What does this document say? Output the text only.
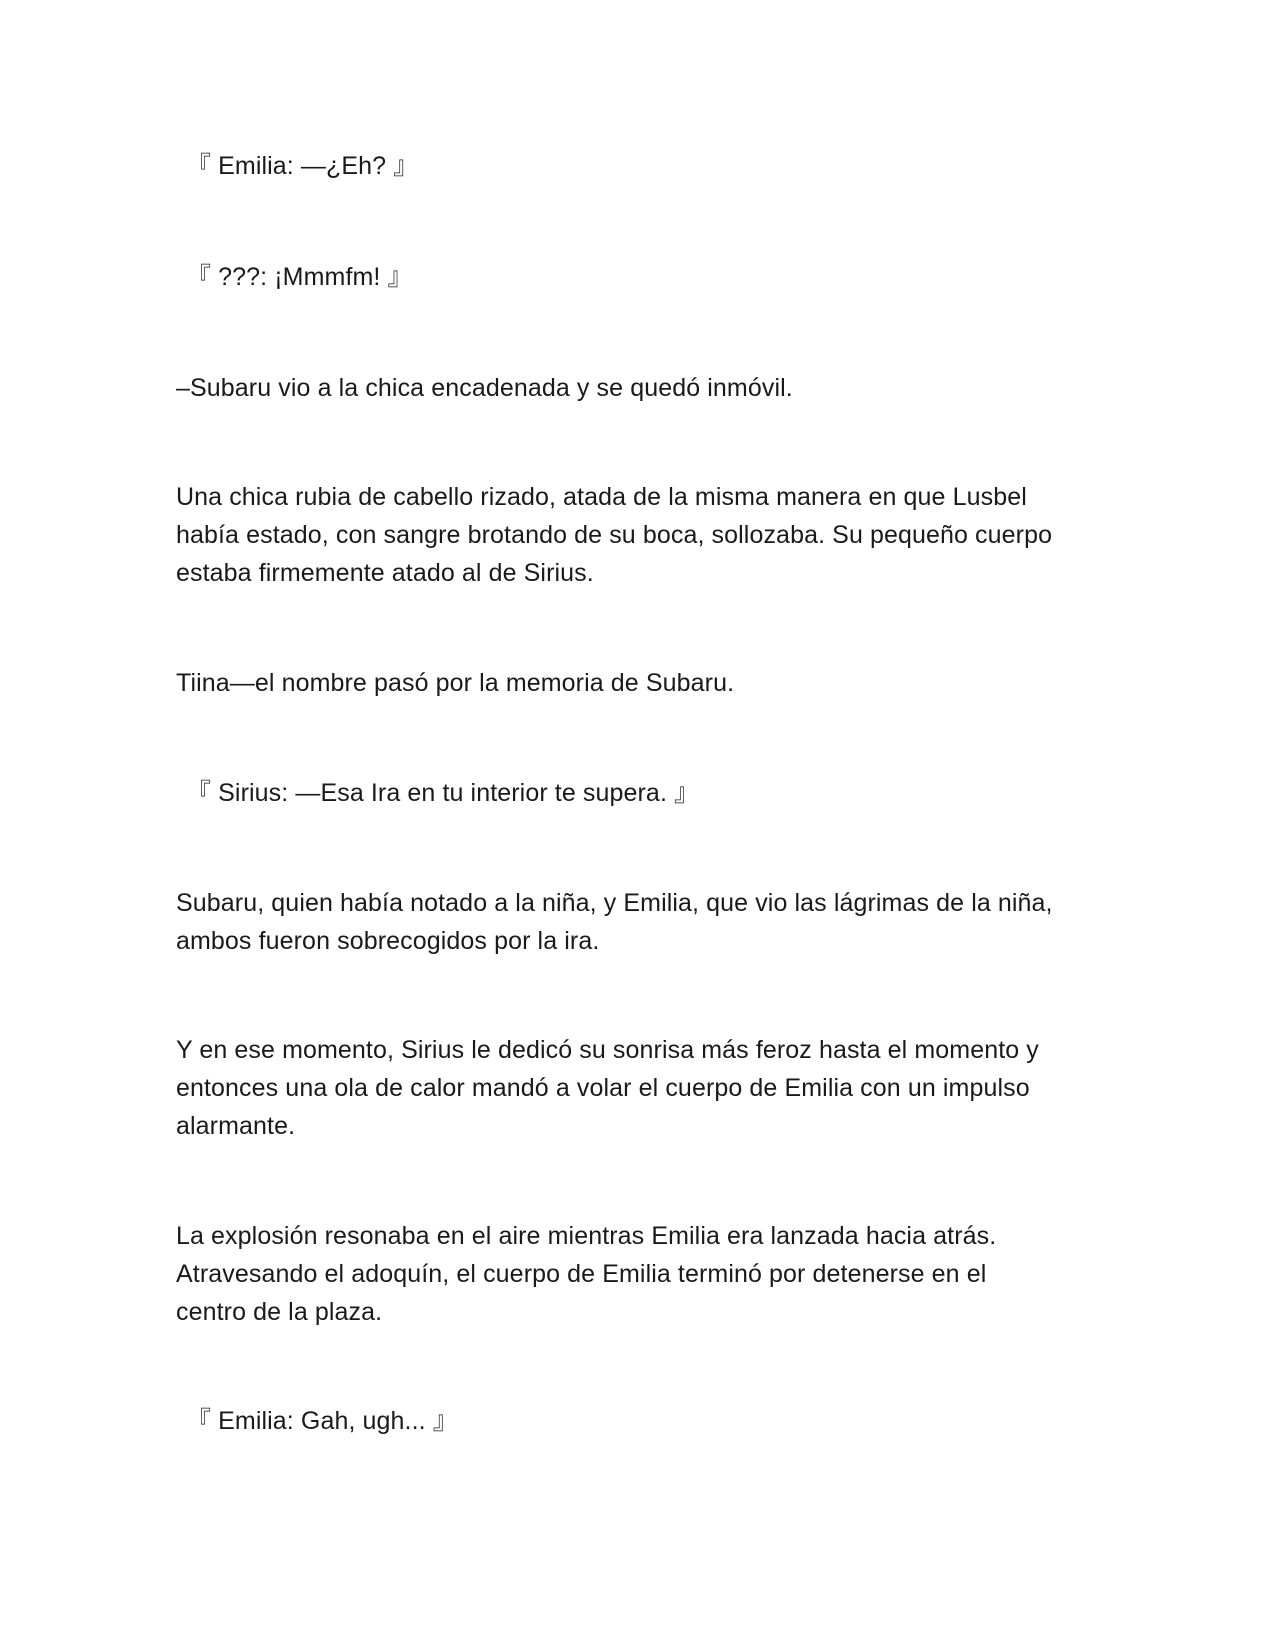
『 Emilia: —¿Eh? 』
『 ???: ¡Mmmfm! 』
–Subaru vio a la chica encadenada y se quedó inmóvil.
Una chica rubia de cabello rizado, atada de la misma manera en que Lusbel
había estado, con sangre brotando de su boca, sollozaba. Su pequeño cuerpo
estaba firmemente atado al de Sirius.
Tiina—el nombre pasó por la memoria de Subaru.
『 Sirius: —Esa Ira en tu interior te supera. 』
Subaru, quien había notado a la niña, y Emilia, que vio las lágrimas de la niña,
ambos fueron sobrecogidos por la ira.
Y en ese momento, Sirius le dedicó su sonrisa más feroz hasta el momento y
entonces una ola de calor mandó a volar el cuerpo de Emilia con un impulso
alarmante.
La explosión resonaba en el aire mientras Emilia era lanzada hacia atrás.
Atravesando el adoquín, el cuerpo de Emilia terminó por detenerse en el
centro de la plaza.
『 Emilia: Gah, ugh... 』
